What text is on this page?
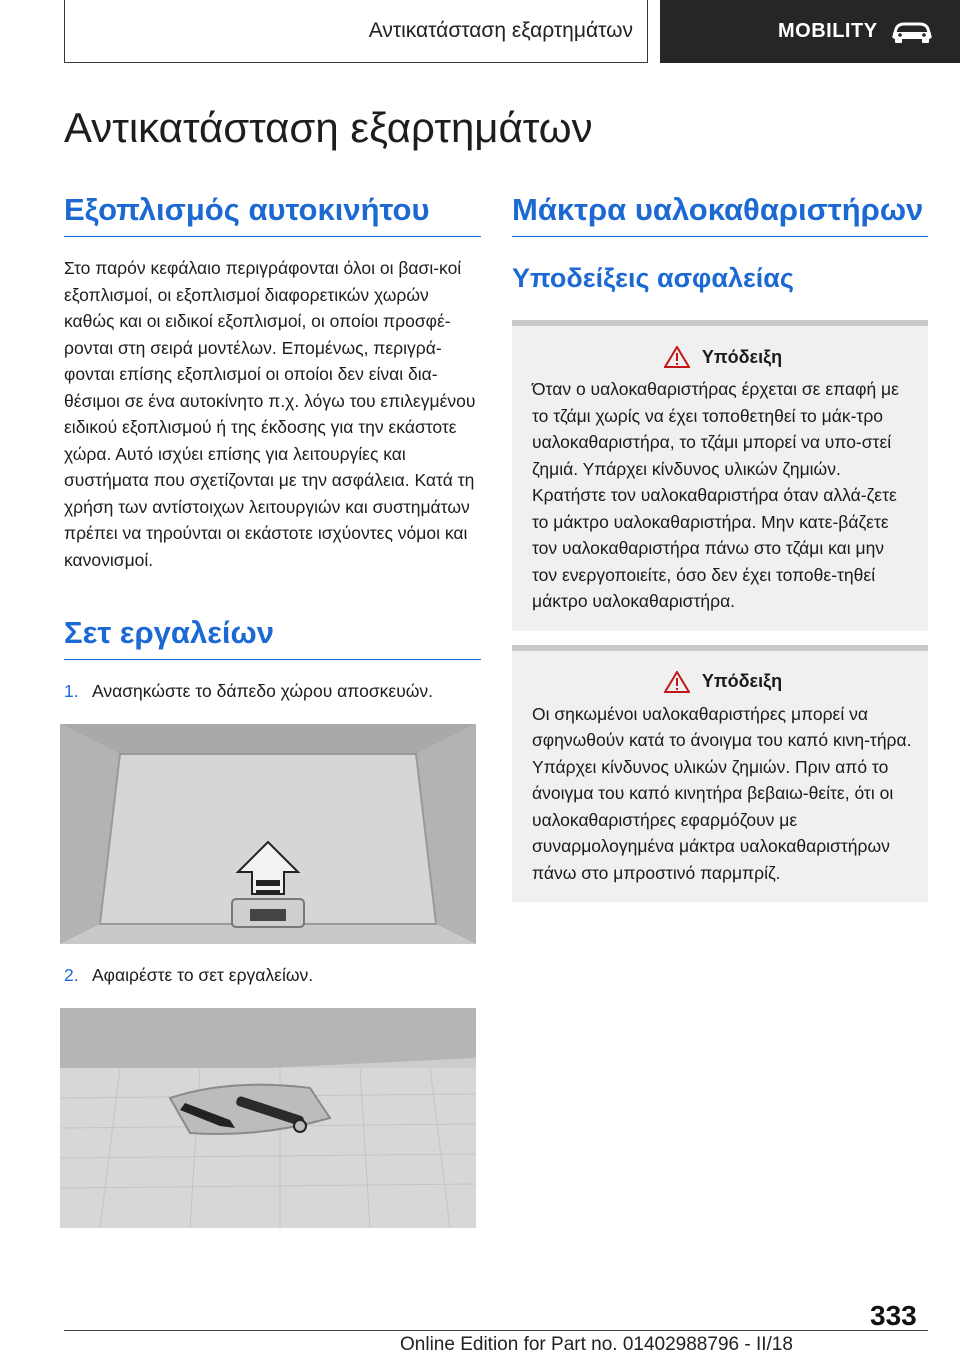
Αντικατάσταση εξαρτημάτων	MOBILITY
Αντικατάσταση εξαρτημάτων
Εξοπλισμός αυτοκινήτου

Στο παρόν κεφάλαιο περιγράφονται όλοι οι βασι‐κοί εξοπλισμοί, οι εξοπλισμοί διαφορετικών χωρών καθώς και οι ειδικοί εξοπλισμοί, οι οποίοι προσφέ‐ρονται στη σειρά μοντέλων. Επομένως, περιγρά‐φονται επίσης εξοπλισμοί οι οποίοι δεν είναι δια‐θέσιμοι σε ένα αυτοκίνητο π.χ. λόγω του επιλεγμένου ειδικού εξοπλισμού ή της έκδοσης για την εκάστοτε χώρα. Αυτό ισχύει επίσης για λειτουργίες και συστήματα που σχετίζονται με την ασφάλεια. Κατά τη χρήση των αντίστοιχων λειτουργιών και συστημάτων πρέπει να τηρούνται οι εκάστοτε ισχύοντες νόμοι και κανονισμοί.

Σετ εργαλείων
1. Ανασηκώστε το δάπεδο χώρου αποσκευών.
2. Αφαιρέστε το σετ εργαλείων.
Μάκτρα υαλοκαθαριστήρων
Υποδείξεις ασφαλείας
Υπόδειξη

Όταν ο υαλοκαθαριστήρας έρχεται σε επαφή με το τζάμι χωρίς να έχει τοποθετηθεί το μάκ‐τρο υαλοκαθαριστήρα, το τζάμι μπορεί να υπο‐στεί ζημιά. Υπάρχει κίνδυνος υλικών ζημιών. Κρατήστε τον υαλοκαθαριστήρα όταν αλλά‐ζετε το μάκτρο υαλοκαθαριστήρα. Μην κατε‐βάζετε τον υαλοκαθαριστήρα πάνω στο τζάμι και μην τον ενεργοποιείτε, όσο δεν έχει τοποθε‐τηθεί μάκτρο υαλοκαθαριστήρα.

Υπόδειξη

Οι σηκωμένοι υαλοκαθαριστήρες μπορεί να σφηνωθούν κατά το άνοιγμα του καπό κινη‐τήρα. Υπάρχει κίνδυνος υλικών ζημιών. Πριν από το άνοιγμα του καπό κινητήρα βεβαιω‐θείτε, ότι οι υαλοκαθαριστήρες εφαρμόζουν με συναρμολογημένα μάκτρα υαλοκαθαριστήρων πάνω στο μπροστινό παρμπρίζ.

333
Online Edition for Part no. 01402988796 - II/18
